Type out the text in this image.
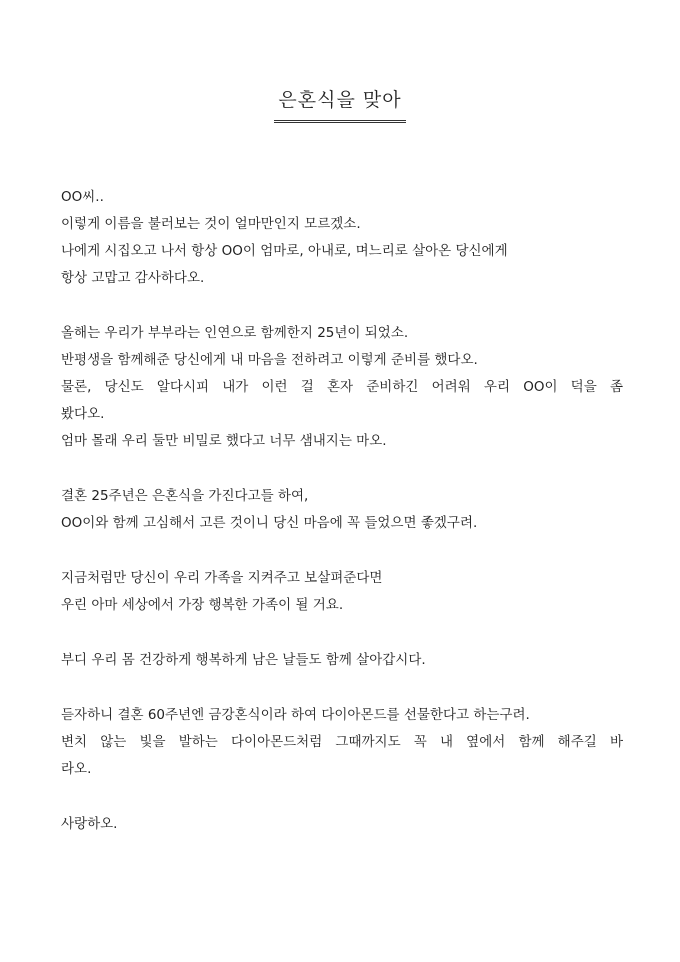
은혼식을 맞아
OO씨..
이렇게 이름을 불러보는 것이 얼마만인지 모르겠소.
나에게 시집오고 나서 항상 OO이 엄마로, 아내로, 며느리로 살아온 당신에게
항상 고맙고 감사하다오.
올해는 우리가 부부라는 인연으로 함께한지 25년이 되었소.
반평생을 함께해준 당신에게 내 마음을 전하려고 이렇게 준비를 했다오.
물론, 당신도 알다시피 내가 이런 걸 혼자 준비하긴 어려워 우리 OO이 덕을 좀
봤다오.
엄마 몰래 우리 둘만 비밀로 했다고 너무 샘내지는 마오.
결혼 25주년은 은혼식을 가진다고들 하여,
OO이와 함께 고심해서 고른 것이니 당신 마음에 꼭 들었으면 좋겠구려.
지금처럼만 당신이 우리 가족을 지켜주고 보살펴준다면
우린 아마 세상에서 가장 행복한 가족이 될 거요.
부디 우리 몸 건강하게 행복하게 남은 날들도 함께 살아갑시다.
듣자하니 결혼 60주년엔 금강혼식이라 하여 다이아몬드를 선물한다고 하는구려.
변치 않는 빛을 발하는 다이아몬드처럼 그때까지도 꼭 내 옆에서 함께 해주길 바
라오.
사랑하오.
